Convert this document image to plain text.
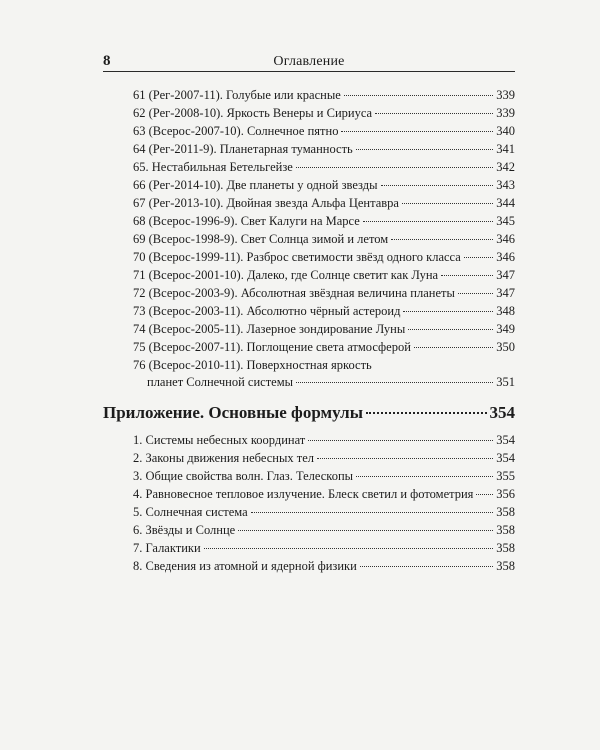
8	Оглавление
61 (Рег-2007-11). Голубые или красные	339
62 (Рег-2008-10). Яркость Венеры и Сириуса	339
63 (Всерос-2007-10). Солнечное пятно	340
64 (Рег-2011-9). Планетарная туманность	341
65. Нестабильная Бетельгейзе	342
66 (Рег-2014-10). Две планеты у одной звезды	343
67 (Рег-2013-10). Двойная звезда Альфа Центавра	344
68 (Всерос-1996-9). Свет Калуги на Марсе	345
69 (Всерос-1998-9). Свет Солнца зимой и летом	346
70 (Всерос-1999-11). Разброс светимости звёзд одного класса	346
71 (Всерос-2001-10). Далеко, где Солнце светит как Луна	347
72 (Всерос-2003-9). Абсолютная звёздная величина планеты	347
73 (Всерос-2003-11). Абсолютно чёрный астероид	348
74 (Всерос-2005-11). Лазерное зондирование Луны	349
75 (Всерос-2007-11). Поглощение света атмосферой	350
76 (Всерос-2010-11). Поверхностная яркость
планет Солнечной системы	351
Приложение. Основные формулы	354
1. Системы небесных координат	354
2. Законы движения небесных тел	354
3. Общие свойства волн. Глаз. Телескопы	355
4. Равновесное тепловое излучение. Блеск светил и фотометрия 356
5. Солнечная система	358
6. Звёзды и Солнце	358
7. Галактики	358
8. Сведения из атомной и ядерной физики	358
